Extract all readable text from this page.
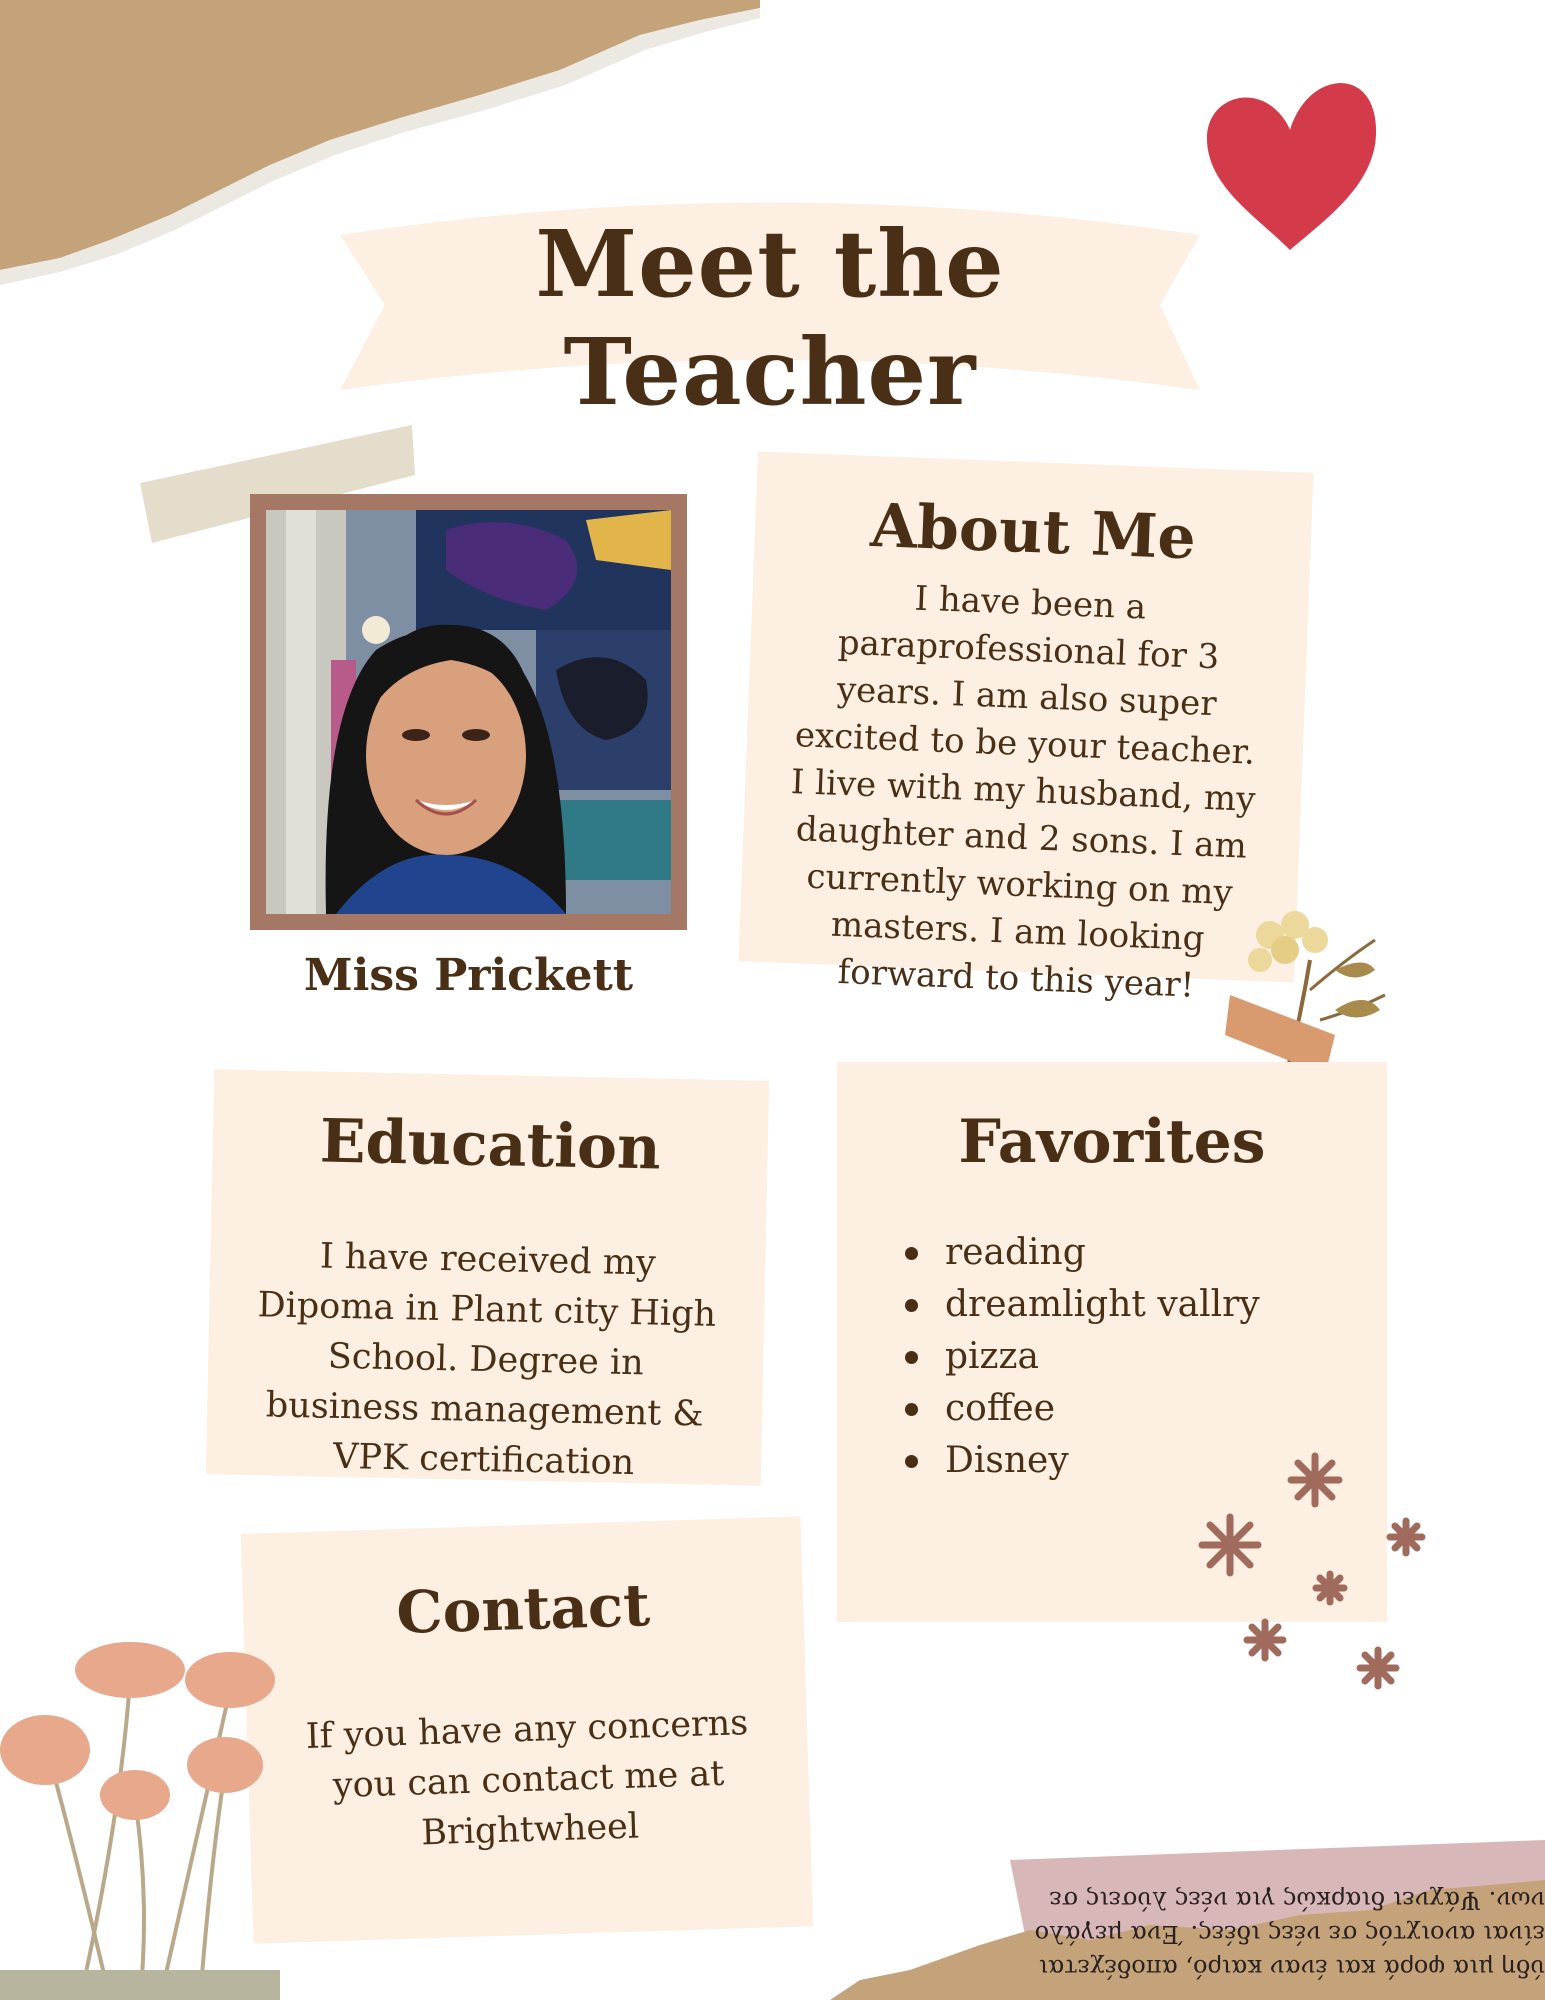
Meet the Teacher
Miss Prickett
About Me
I have been a paraprofessional for 3 years. I am also super excited to be your teacher. I live with my husband, my daughter and 2 sons. I am currently working on my masters. I am looking forward to this year!
Education
I have received my Dipoma in Plant city High School. Degree in business management & VPK certification
Favorites
reading
dreamlight vallry
pizza
coffee
Disney
Contact
If you have any concerns you can contact me at Brightwheel
ύδη μια φορά και έναν καιρό, αποδέχεται
είναι ανοιχτός σε νέες ιδέες. Ένα μεγάλο
νων. Ψάχνει διαρκώς για νέες λύσεις σε
